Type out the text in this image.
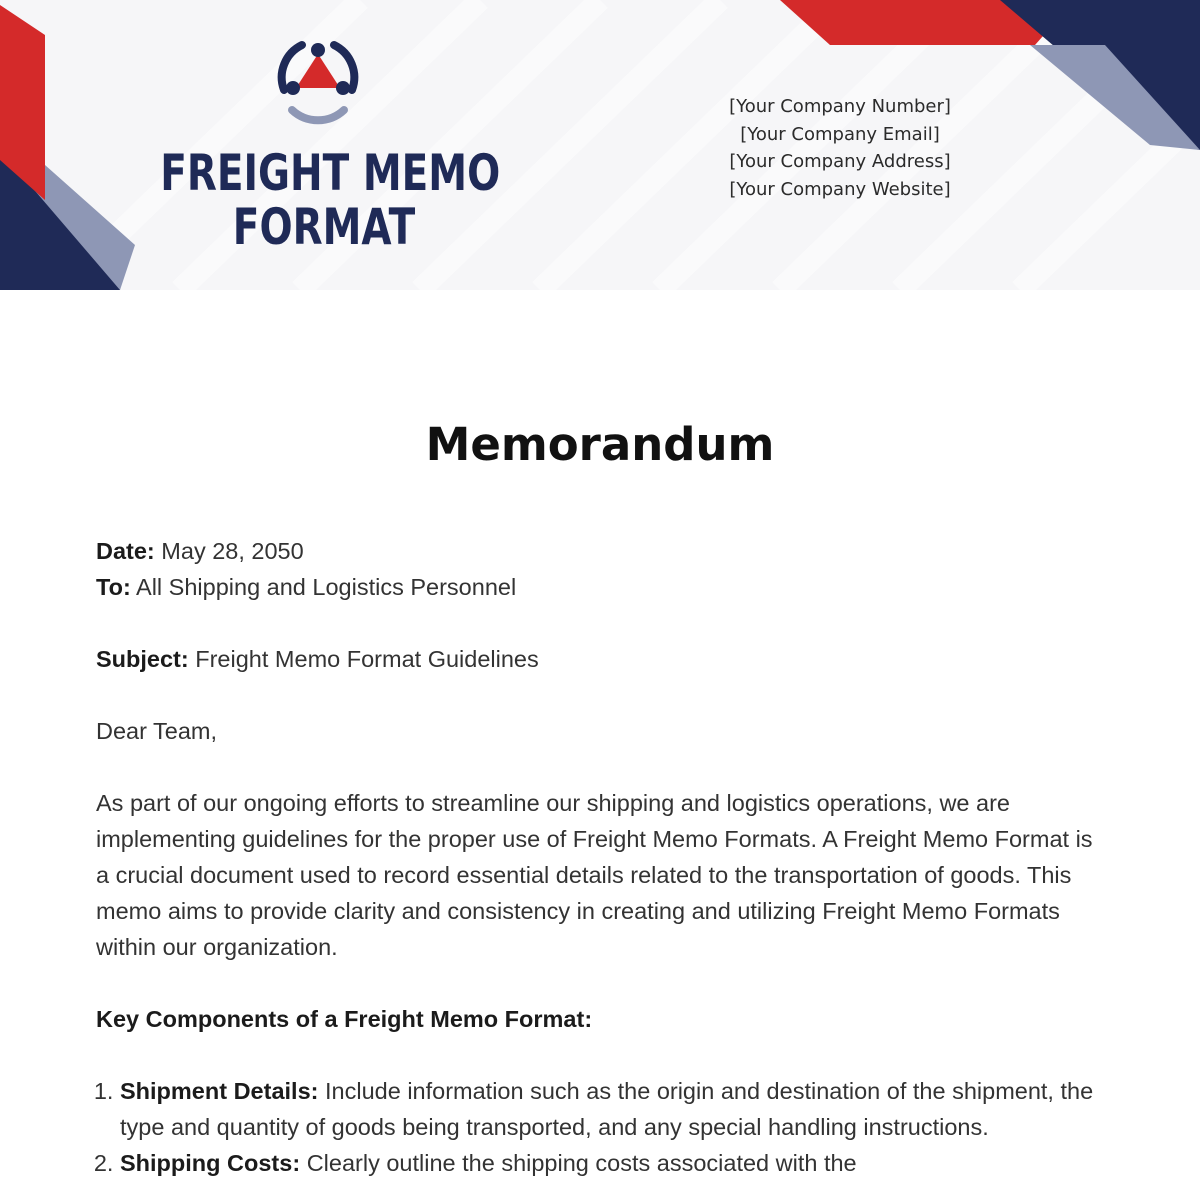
FREIGHT MEMO
FORMAT
[Your Company Number]
[Your Company Email]
[Your Company Address]
[Your Company Website]
Memorandum

Date: May 28, 2050

To: All Shipping and Logistics Personnel

Subject: Freight Memo Format Guidelines

Dear Team,

As part of our ongoing efforts to streamline our shipping and logistics operations, we are implementing guidelines for the proper use of Freight Memo Formats. A Freight Memo Format is a crucial document used to record essential details related to the transportation of goods. This memo aims to provide clarity and consistency in creating and utilizing Freight Memo Formats within our organization.

Key Components of a Freight Memo Format:

1. Shipment Details: Include information such as the origin and destination of the shipment, the type and quantity of goods being transported, and any special handling instructions.
2. Shipping Costs: Clearly outline the shipping costs associated with the
